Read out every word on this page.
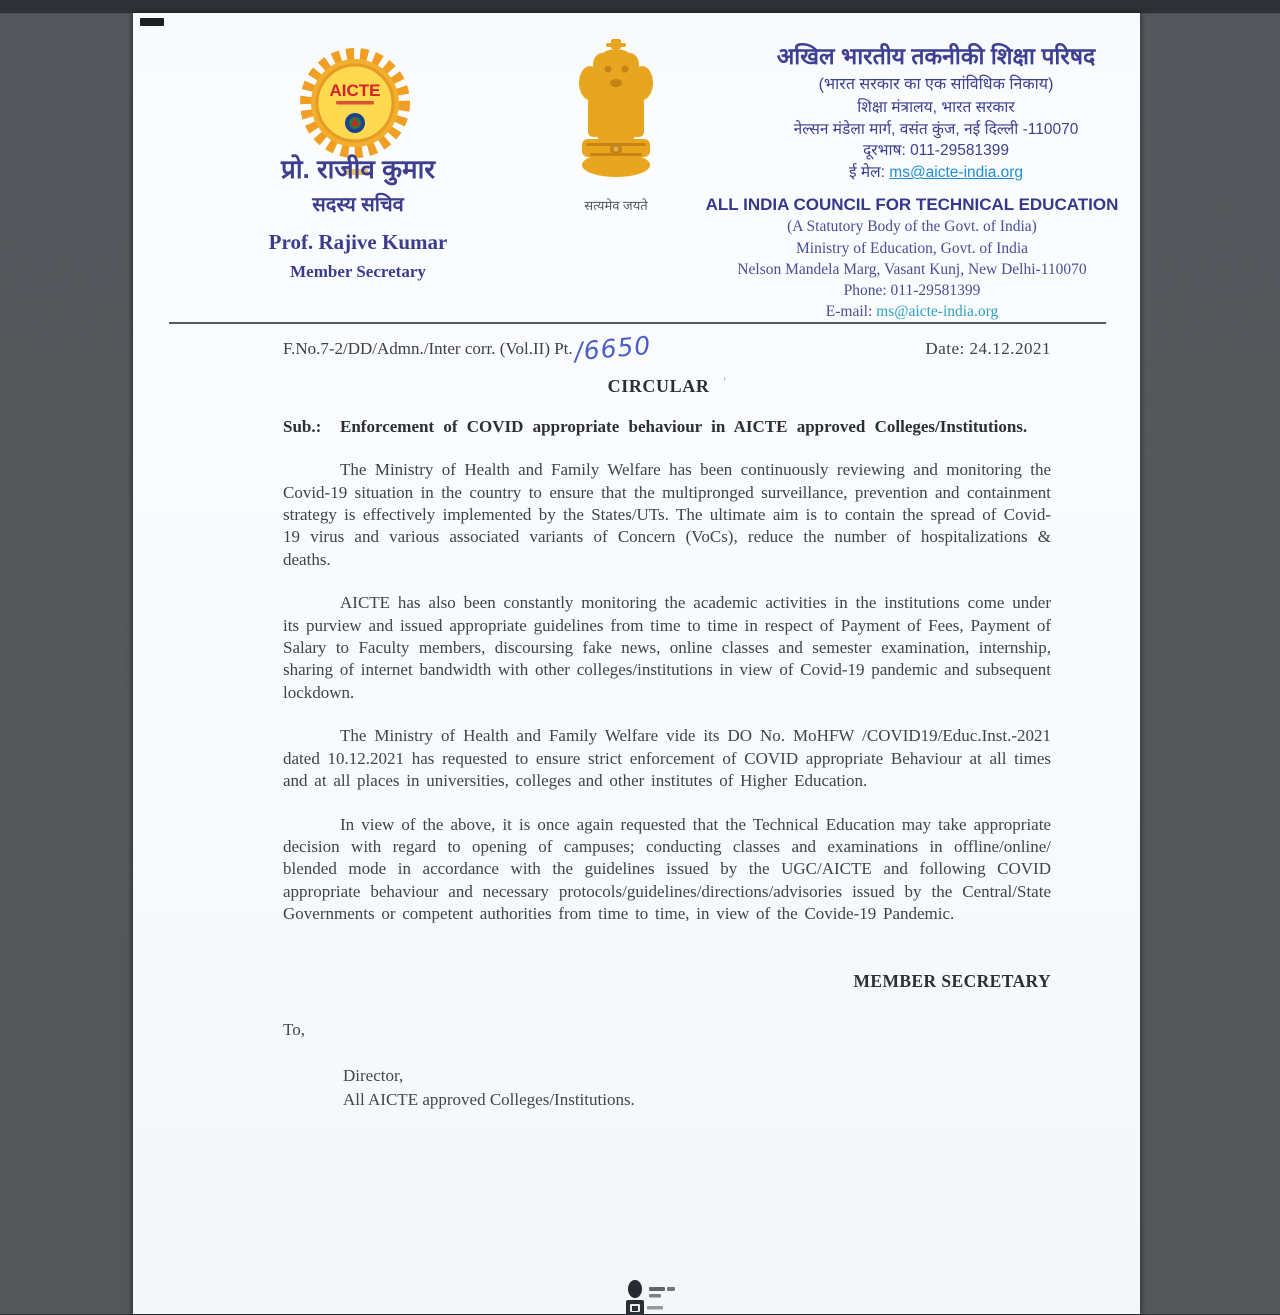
AICTE
प्रो. राजीव कुमार
सदस्य सचिव
Prof. Rajive Kumar
Member Secretary
सत्यमेव जयते
अखिल भारतीय तकनीकी शिक्षा परिषद
(भारत सरकार का एक सांविधिक निकाय)
शिक्षा मंत्रालय, भारत सरकार
नेल्सन मंडेला मार्ग, वसंत कुंज, नई दिल्ली -110070
दूरभाष: 011-29581399
ई मेल: ms@aicte-india.org
ALL INDIA COUNCIL FOR TECHNICAL EDUCATION
(A Statutory Body of the Govt. of India)
Ministry of Education, Govt. of India
Nelson Mandela Marg, Vasant Kunj, New Delhi-110070
Phone: 011-29581399
E-mail: ms@aicte-india.org
F.No.7-2/DD/Admn./Inter corr. (Vol.II) Pt./6650	Date: 24.12.2021
CIRCULAR '
Sub.:	Enforcement of COVID appropriate behaviour in AICTE approved Colleges/Institutions.
The Ministry of Health and Family Welfare has been continuously reviewing and monitoring the Covid-19 situation in the country to ensure that the multipronged surveillance, prevention and containment strategy is effectively implemented by the States/UTs. The ultimate aim is to contain the spread of Covid-19 virus and various associated variants of Concern (VoCs), reduce the number of hospitalizations & deaths.
AICTE has also been constantly monitoring the academic activities in the institutions come under its purview and issued appropriate guidelines from time to time in respect of Payment of Fees, Payment of Salary to Faculty members, discoursing fake news, online classes and semester examination, internship, sharing of internet bandwidth with other colleges/institutions in view of Covid-19 pandemic and subsequent lockdown.
The Ministry of Health and Family Welfare vide its DO No. MoHFW /COVID19/Educ.Inst.-2021 dated 10.12.2021 has requested to ensure strict enforcement of COVID appropriate Behaviour at all times and at all places in universities, colleges and other institutes of Higher Education.
In view of the above, it is once again requested that the Technical Education may take appropriate decision with regard to opening of campuses; conducting classes and examinations in offline/online/ blended mode in accordance with the guidelines issued by the UGC/AICTE and following COVID appropriate behaviour and necessary protocols/guidelines/directions/advisories issued by the Central/State Governments or competent authorities from time to time, in view of the Covide-19 Pandemic.
MEMBER SECRETARY
To,
Director,
All AICTE approved Colleges/Institutions.
